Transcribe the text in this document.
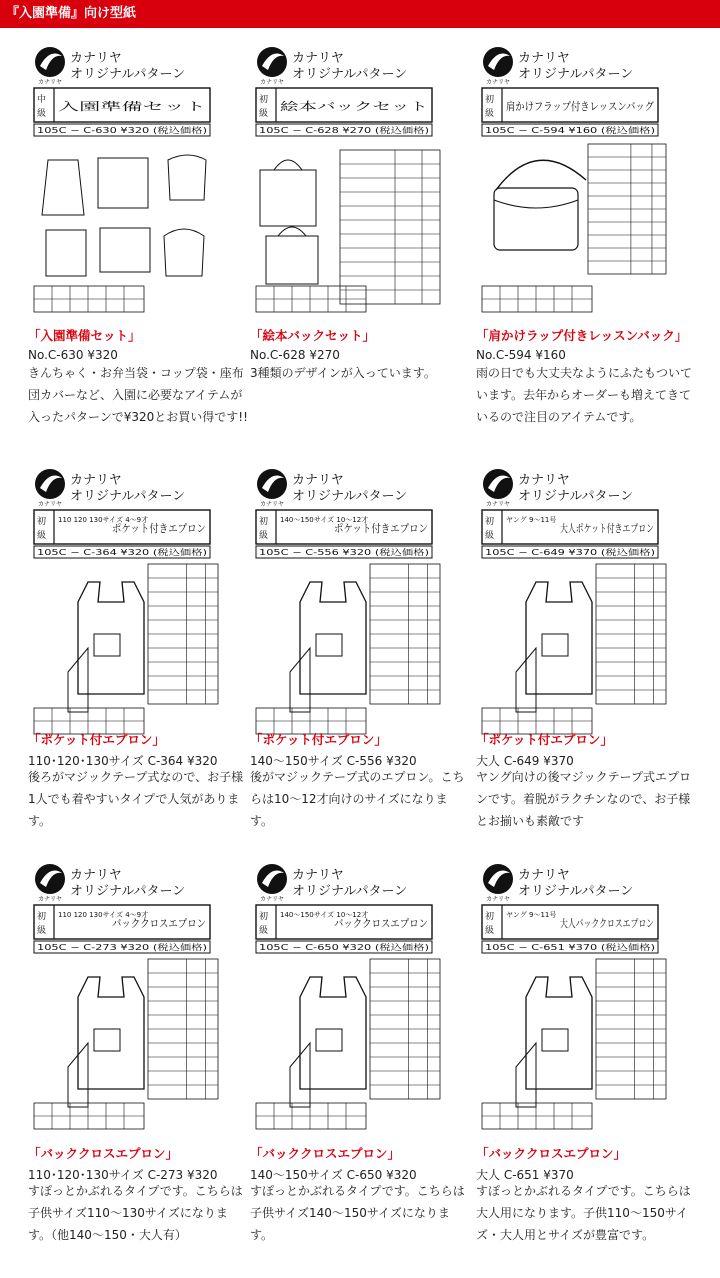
『入園準備』向け型紙
カナリヤ
カナリヤ
オリジナルパターン
中
級
入園準備セット
105C − C-630 ¥320 (税込価格)
「入園準備セット」
No.C-630 ¥320
きんちゃく・お弁当袋・コップ袋・座布団カバーなど、入園に必要なアイテムが入ったパターンで¥320とお買い得です!!
カナリヤ
カナリヤ
オリジナルパターン
初
級
絵本バックセット
105C − C-628 ¥270 (税込価格)
「絵本バックセット」
No.C-628 ¥270
3種類のデザインが入っています。
カナリヤ
カナリヤ
オリジナルパターン
初
級
肩かけフラップ付きレッスンバッグ
105C − C-594 ¥160 (税込価格)
「肩かけラップ付きレッスンバック」
No.C-594 ¥160
雨の日でも大丈夫なようにふたもついています。去年からオーダーも増えてきているので注目のアイテムです。
カナリヤ
カナリヤ
オリジナルパターン
初
級
110 120 130サイズ 4〜9才
ポケット付きエプロン
105C − C-364 ¥320 (税込価格)
「ポケット付エプロン」
110･120･130サイズ C-364 ¥320
後ろがマジックテープ式なので、お子様1人でも着やすいタイプで人気があります。
カナリヤ
カナリヤ
オリジナルパターン
初
級
140〜150サイズ 10〜12才
ポケット付きエプロン
105C − C-556 ¥320 (税込価格)
「ポケット付エプロン」
140〜150サイズ C-556 ¥320
後がマジックテープ式のエプロン。こちらは10〜12才向けのサイズになります。
カナリヤ
カナリヤ
オリジナルパターン
初
級
ヤング 9〜11号
大人ポケット付きエプロン
105C − C-649 ¥370 (税込価格)
「ポケット付エプロン」
大人 C-649 ¥370
ヤング向けの後マジックテープ式エプロンです。着脱がラクチンなので、お子様とお揃いも素敵です
カナリヤ
カナリヤ
オリジナルパターン
初
級
110 120 130サイズ 4〜9才
バッククロスエプロン
105C − C-273 ¥320 (税込価格)
「バッククロスエプロン」
110･120･130サイズ C-273 ¥320
すぽっとかぶれるタイプです。こちらは子供サイズ110〜130サイズになります。（他140〜150・大人有）
カナリヤ
カナリヤ
オリジナルパターン
初
級
140〜150サイズ 10〜12才
バッククロスエプロン
105C − C-650 ¥320 (税込価格)
「バッククロスエプロン」
140〜150サイズ C-650 ¥320
すぽっとかぶれるタイプです。こちらは子供サイズ140〜150サイズになります。
カナリヤ
カナリヤ
オリジナルパターン
初
級
ヤング 9〜11号
大人バッククロスエプロン
105C − C-651 ¥370 (税込価格)
「バッククロスエプロン」
大人 C-651 ¥370
すぽっとかぶれるタイプです。こちらは大人用になります。子供110〜150サイズ・大人用とサイズが豊富です。
